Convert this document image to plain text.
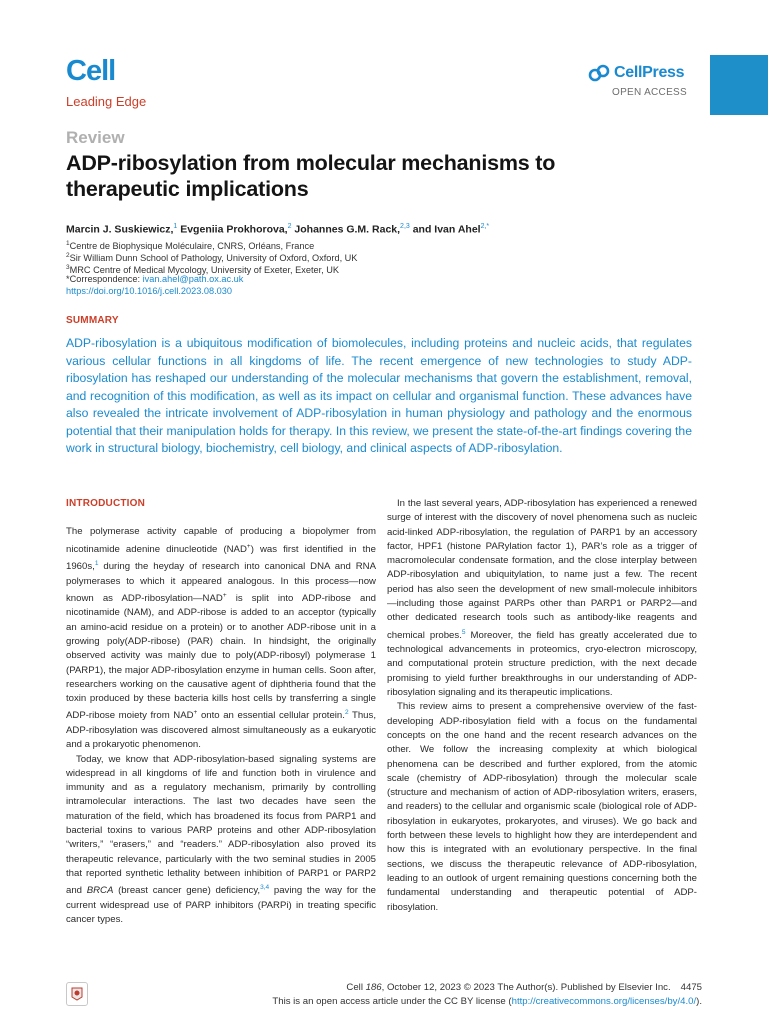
Cell
Leading Edge
CellPress
OPEN ACCESS
Review
ADP-ribosylation from molecular mechanisms to therapeutic implications
Marcin J. Suskiewicz,$^1$ Evgeniia Prokhorova,$^2$ Johannes G.M. Rack,$^{2,3}$ and Ivan Ahel$^{2,*}$
$^1$Centre de Biophysique Moléculaire, CNRS, Orléans, France
$^2$Sir William Dunn School of Pathology, University of Oxford, Oxford, UK
$^3$MRC Centre of Medical Mycology, University of Exeter, Exeter, UK
*Correspondence: ivan.ahel@path.ox.ac.uk
https://doi.org/10.1016/j.cell.2023.08.030
SUMMARY
ADP-ribosylation is a ubiquitous modification of biomolecules, including proteins and nucleic acids, that regulates various cellular functions in all kingdoms of life. The recent emergence of new technologies to study ADP-ribosylation has reshaped our understanding of the molecular mechanisms that govern the establishment, removal, and recognition of this modification, as well as its impact on cellular and organismal function. These advances have also revealed the intricate involvement of ADP-ribosylation in human physiology and pathology and the enormous potential that their manipulation holds for therapy. In this review, we present the state-of-the-art findings covering the work in structural biology, biochemistry, cell biology, and clinical aspects of ADP-ribosylation.
INTRODUCTION

The polymerase activity capable of producing a biopolymer from nicotinamide adenine dinucleotide (NAD+) was first identified in the 1960s,$^1$ during the heyday of research into canonical DNA and RNA polymerases to which it appeared analogous. In this process—now known as ADP-ribosylation—NAD+ is split into ADP-ribose and nicotinamide (NAM), and ADP-ribose is added to an acceptor (typically an amino-acid residue on a protein) or to another ADP-ribose unit in a growing poly(ADP-ribose) (PAR) chain. In hindsight, the originally observed activity was mainly due to poly(ADP-ribosyl) polymerase 1 (PARP1), the major ADP-ribosylation enzyme in human cells. Soon after, researchers working on the causative agent of diphtheria found that the toxin produced by these bacteria kills host cells by transferring a single ADP-ribose moiety from NAD+ onto an essential cellular protein.$^2$ Thus, ADP-ribosylation was discovered almost simultaneously as a eukaryotic and a prokaryotic phenomenon.

Today, we know that ADP-ribosylation-based signaling systems are widespread in all kingdoms of life and function both in virulence and immunity and as a regulatory mechanism, primarily by controlling intramolecular interactions. The last two decades have seen the maturation of the field, which has broadened its focus from PARP1 and bacterial toxins to various PARP proteins and other ADP-ribosylation “writers,” “erasers,” and “readers.” ADP-ribosylation also proved its therapeutic relevance, particularly with the two seminal studies in 2005 that reported synthetic lethality between inhibition of PARP1 or PARP2 and BRCA (breast cancer gene) deficiency,$^{3,4}$ paving the way for the current widespread use of PARP inhibitors (PARPi) in treating specific cancer types.

In the last several years, ADP-ribosylation has experienced a renewed surge of interest with the discovery of novel phenomena such as nucleic acid-linked ADP-ribosylation, the regulation of PARP1 by an accessory factor, HPF1 (histone PARylation factor 1), PAR’s role as a trigger of macromolecular condensate formation, and the close interplay between ADP-ribosylation and ubiquitylation, to name just a few. The recent period has also seen the development of new small-molecule inhibitors—including those against PARPs other than PARP1 or PARP2—and other dedicated research tools such as antibody-like reagents and chemical probes.$^5$ Moreover, the field has greatly accelerated due to technological advancements in proteomics, cryo-electron microscopy, and computational protein structure prediction, with the next decade promising to yield further breakthroughs in our understanding of ADP-ribosylation signaling and its therapeutic implications.

This review aims to present a comprehensive overview of the fast-developing ADP-ribosylation field with a focus on the fundamental concepts on the one hand and the recent research advances on the other. We follow the increasing complexity at which biological phenomena can be described and further explored, from the atomic scale (chemistry of ADP-ribosylation) through the molecular scale (structure and mechanism of action of ADP-ribosylation writers, erasers, and readers) to the cellular and organismic scale (biological role of ADP-ribosylation in eukaryotes, prokaryotes, and viruses). We go back and forth between these levels to highlight how they are interdependent and how this is integrated with an evolutionary perspective. In the final sections, we discuss the therapeutic relevance of ADP-ribosylation, leading to an outlook of urgent remaining questions concerning both the fundamental understanding and therapeutic potential of ADP-ribosylation.

Cell 186, October 12, 2023 © 2023 The Author(s). Published by Elsevier Inc. 4475
This is an open access article under the CC BY license (http://creativecommons.org/licenses/by/4.0/).
